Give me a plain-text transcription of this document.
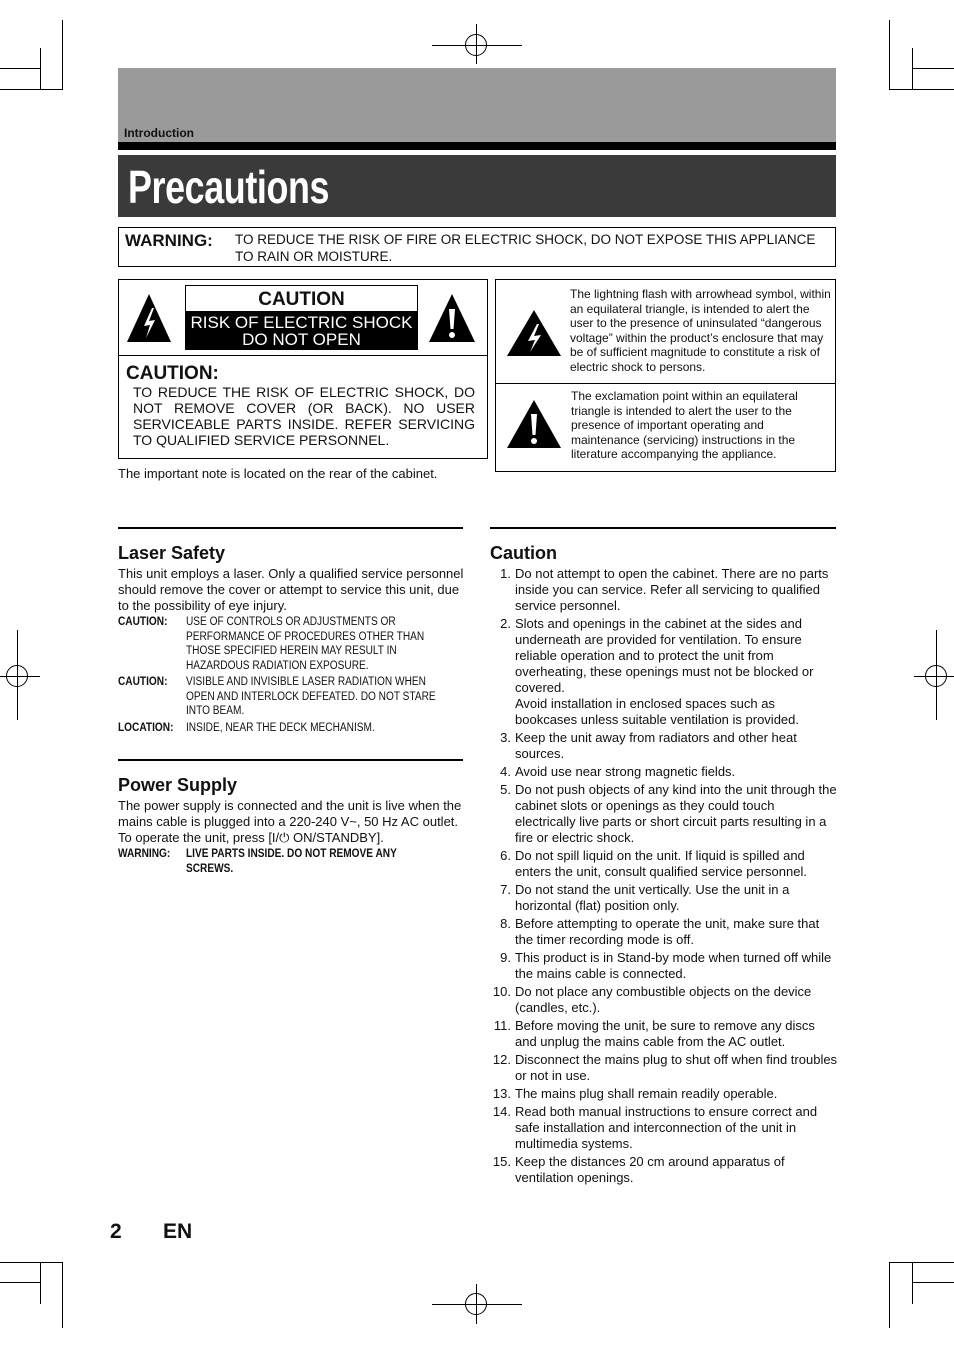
Introduction
Precautions
WARNING: TO REDUCE THE RISK OF FIRE OR ELECTRIC SHOCK, DO NOT EXPOSE THIS APPLIANCE TO RAIN OR MOISTURE.
CAUTION
RISK OF ELECTRIC SHOCK
DO NOT OPEN
CAUTION:
TO REDUCE THE RISK OF ELECTRIC SHOCK, DO NOT REMOVE COVER (OR BACK). NO USER SERVICEABLE PARTS INSIDE. REFER SERVICING TO QUALIFIED SERVICE PERSONNEL.
The important note is located on the rear of the cabinet.
The lightning flash with arrowhead symbol, within an equilateral triangle, is intended to alert the user to the presence of uninsulated “dangerous voltage” within the product’s enclosure that may be of sufficient magnitude to constitute a risk of electric shock to persons.
The exclamation point within an equilateral triangle is intended to alert the user to the presence of important operating and maintenance (servicing) instructions in the literature accompanying the appliance.
Laser Safety
This unit employs a laser. Only a qualified service personnel should remove the cover or attempt to service this unit, due to the possibility of eye injury.
CAUTION: USE OF CONTROLS OR ADJUSTMENTS OR
PERFORMANCE OF PROCEDURES OTHER THAN
THOSE SPECIFIED HEREIN MAY RESULT IN
HAZARDOUS RADIATION EXPOSURE.
CAUTION: VISIBLE AND INVISIBLE LASER RADIATION WHEN
OPEN AND INTERLOCK DEFEATED. DO NOT STARE
INTO BEAM.
LOCATION: INSIDE, NEAR THE DECK MECHANISM.
Power Supply
The power supply is connected and the unit is live when the mains cable is plugged into a 220-240 V~, 50 Hz AC outlet. To operate the unit, press [I/⏻ ON/STANDBY].
WARNING: LIVE PARTS INSIDE. DO NOT REMOVE ANY
SCREWS.
Caution
1. Do not attempt to open the cabinet. There are no parts inside you can service. Refer all servicing to qualified service personnel.
2. Slots and openings in the cabinet at the sides and underneath are provided for ventilation. To ensure reliable operation and to protect the unit from overheating, these openings must not be blocked or covered.
Avoid installation in enclosed spaces such as bookcases unless suitable ventilation is provided.
3. Keep the unit away from radiators and other heat sources.
4. Avoid use near strong magnetic fields.
5. Do not push objects of any kind into the unit through the cabinet slots or openings as they could touch electrically live parts or short circuit parts resulting in a fire or electric shock.
6. Do not spill liquid on the unit. If liquid is spilled and enters the unit, consult qualified service personnel.
7. Do not stand the unit vertically. Use the unit in a horizontal (flat) position only.
8. Before attempting to operate the unit, make sure that the timer recording mode is off.
9. This product is in Stand-by mode when turned off while the mains cable is connected.
10. Do not place any combustible objects on the device (candles, etc.).
11. Before moving the unit, be sure to remove any discs and unplug the mains cable from the AC outlet.
12. Disconnect the mains plug to shut off when find troubles or not in use.
13. The mains plug shall remain readily operable.
14. Read both manual instructions to ensure correct and safe installation and interconnection of the unit in multimedia systems.
15. Keep the distances 20 cm around apparatus of ventilation openings.
2 EN
